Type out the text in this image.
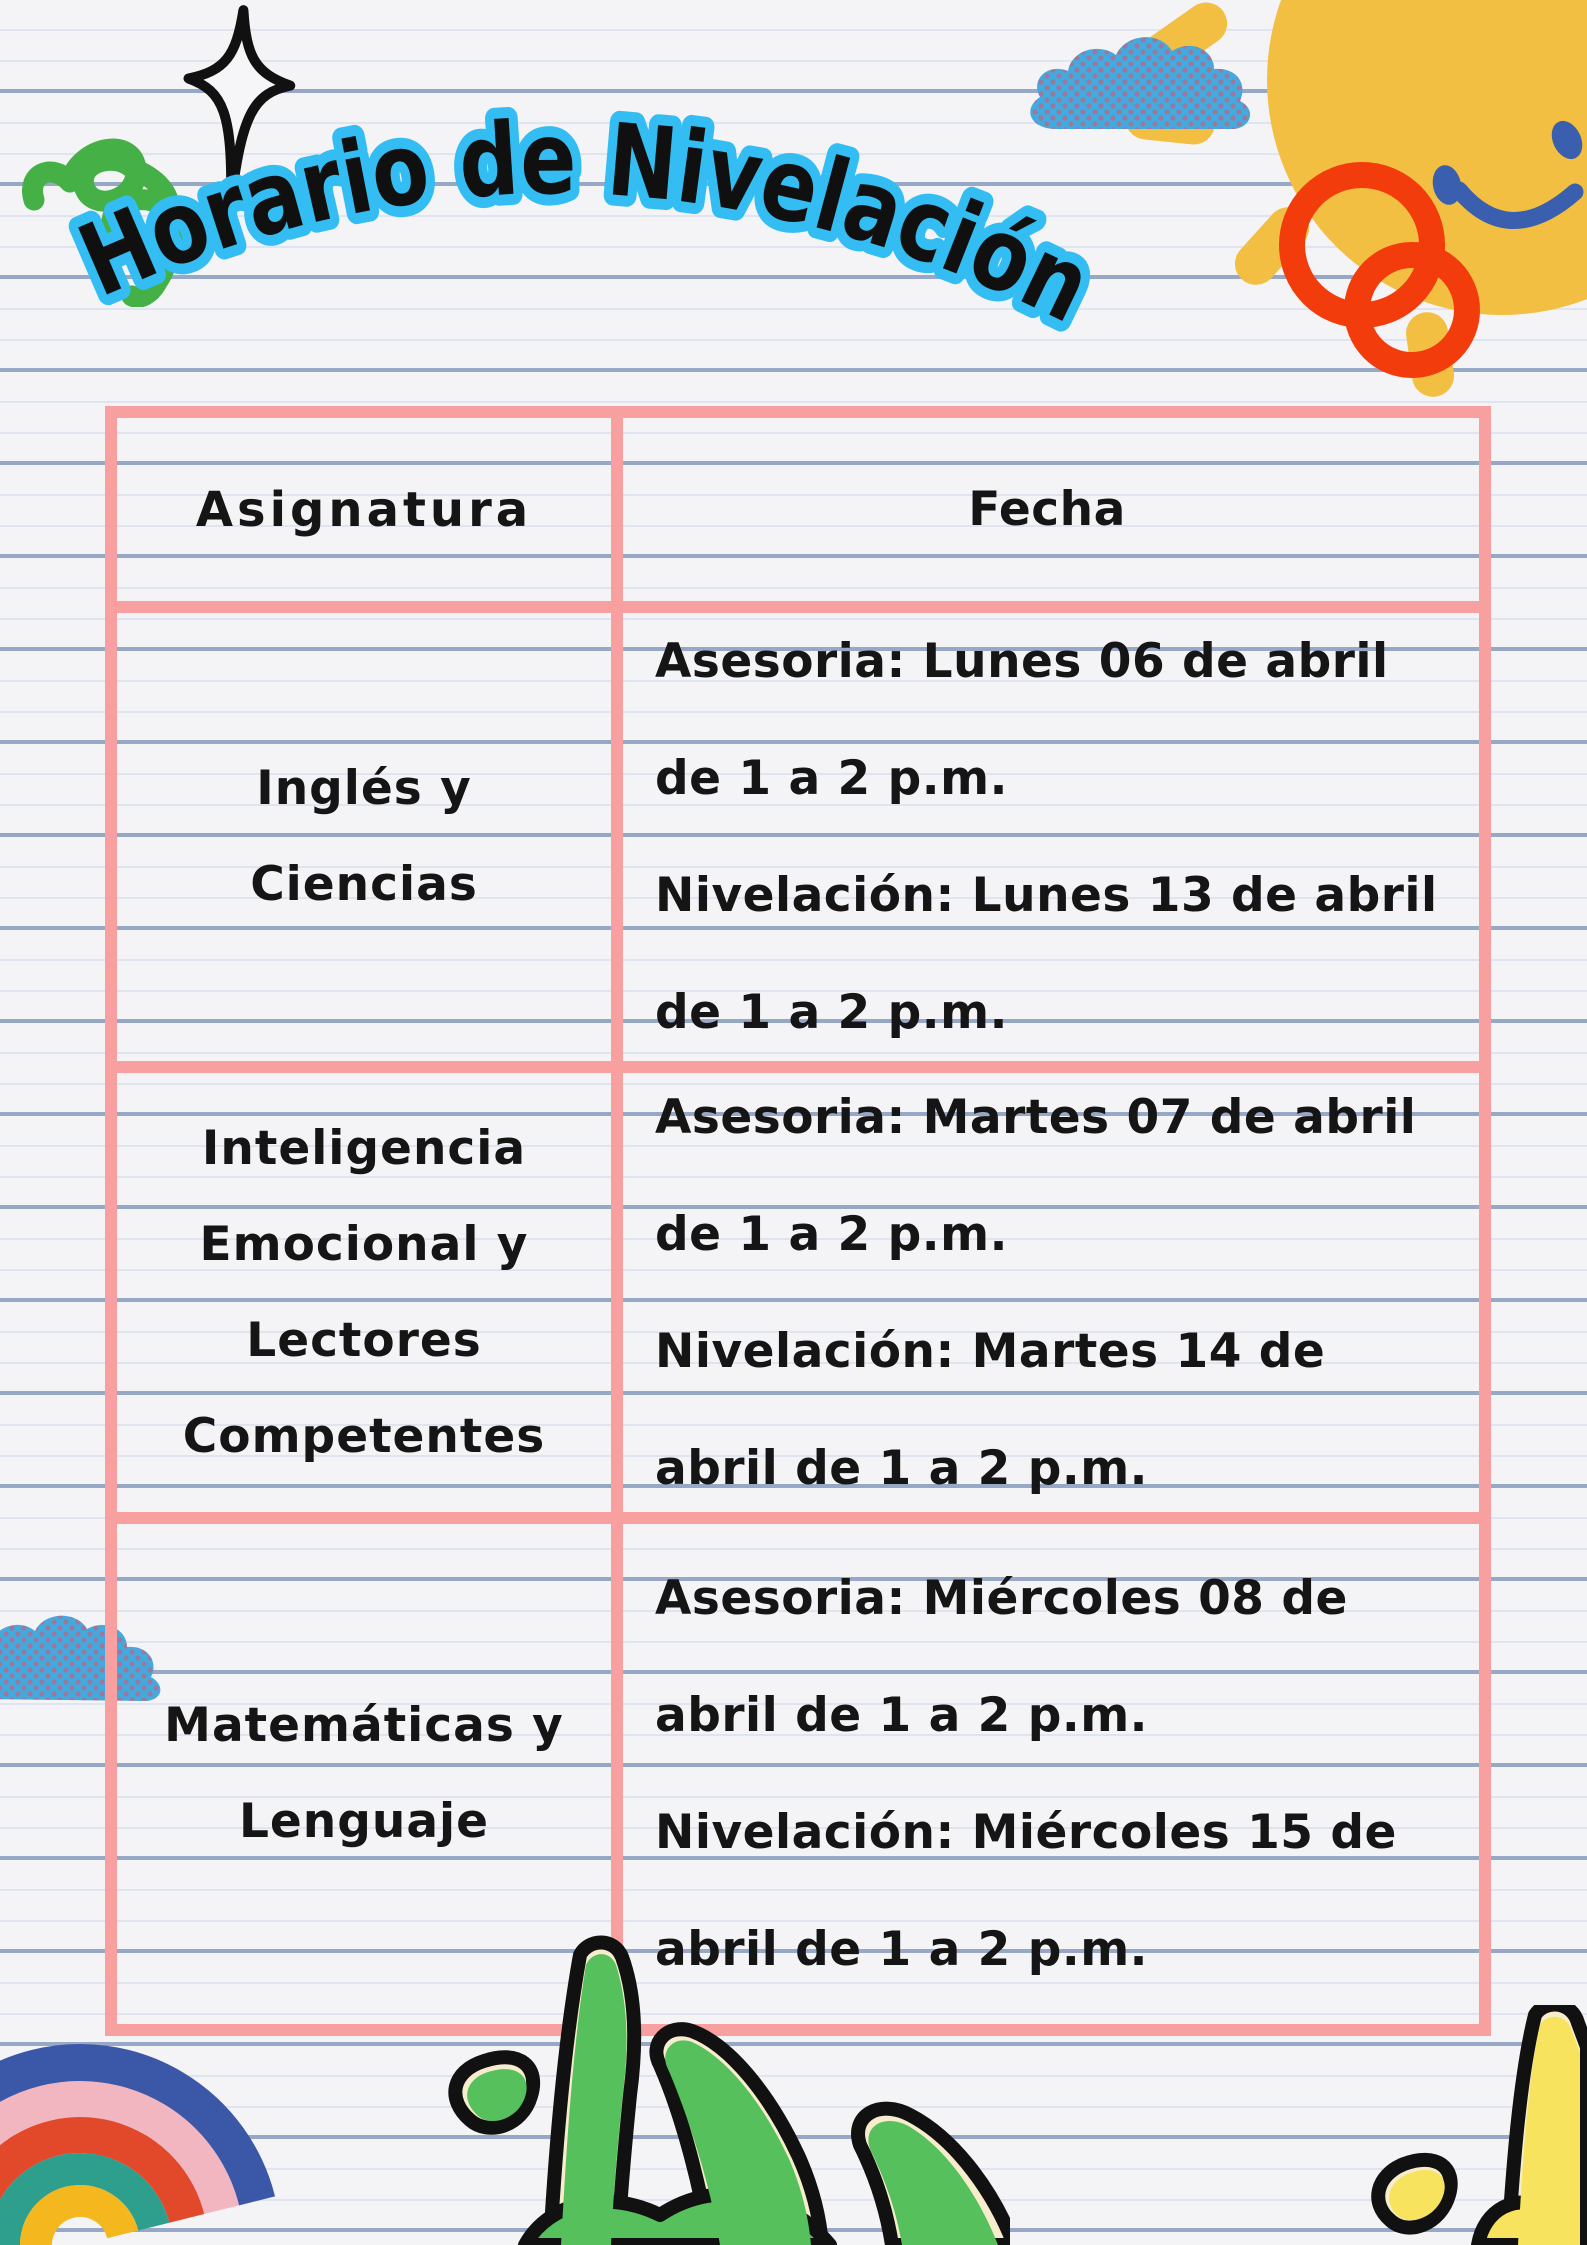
Asignatura	Fecha
Inglés y Ciencias

Asesoria: Lunes 06 de abril de 1 a 2 p.m.

Nivelación: Lunes 13 de abril de 1 a 2 p.m.

Inteligencia Emocional y Lectores Competentes

Asesoria: Martes 07 de abril de 1 a 2 p.m.

Nivelación: Martes 14 de abril de 1 a 2 p.m.

Matemáticas y Lenguaje

Asesoria: Miércoles 08 de abril de 1 a 2 p.m.

Nivelación: Miércoles 15 de abril de 1 a 2 p.m.

Horario de Nivelación
